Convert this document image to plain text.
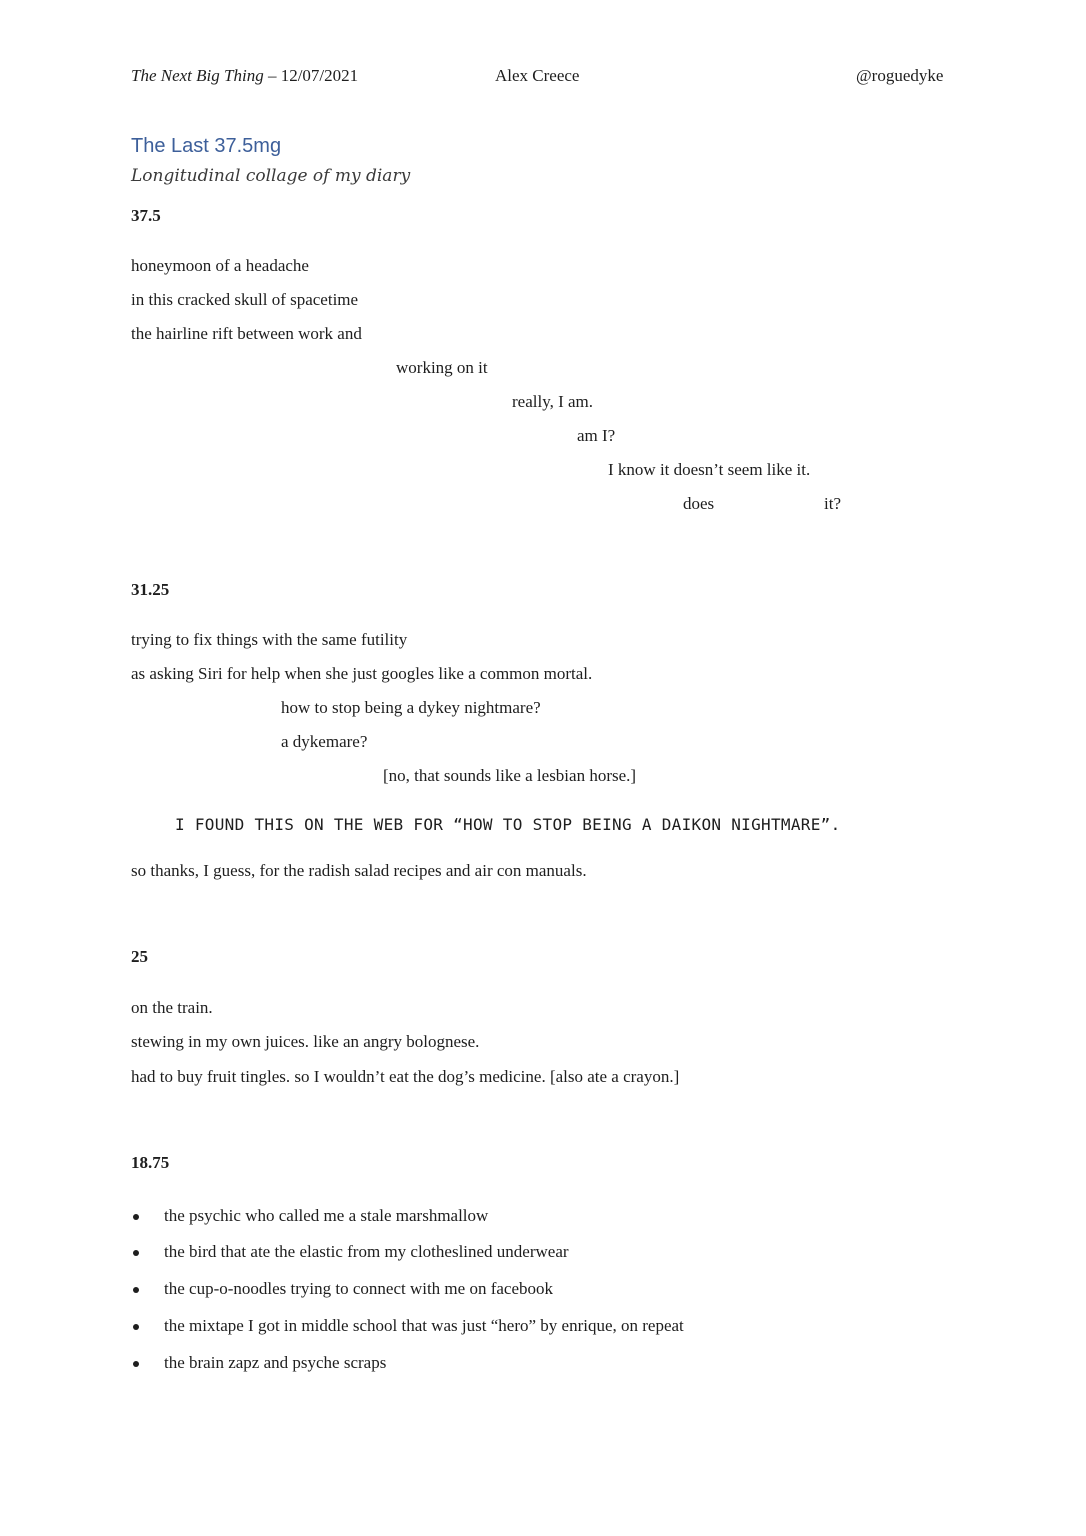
The Next Big Thing – 12/07/2021	Alex Creece	@roguedyke
The Last 37.5mg
Longitudinal collage of my diary
37.5
honeymoon of a headache
in this cracked skull of spacetime
the hairline rift between work and
working on it
really, I am.
am I?
I know it doesn’t seem like it.
does	it?
31.25
trying to fix things with the same futility
as asking Siri for help when she just googles like a common mortal.
how to stop being a dykey nightmare?
a dykemare?
[no, that sounds like a lesbian horse.]
I FOUND THIS ON THE WEB FOR “HOW TO STOP BEING A DAIKON NIGHTMARE”.
so thanks, I guess, for the radish salad recipes and air con manuals.
25
on the train.
stewing in my own juices. like an angry bolognese.
had to buy fruit tingles. so I wouldn’t eat the dog’s medicine. [also ate a crayon.]
18.75
the psychic who called me a stale marshmallow
the bird that ate the elastic from my clotheslined underwear
the cup-o-noodles trying to connect with me on facebook
the mixtape I got in middle school that was just “hero” by enrique, on repeat
the brain zapz and psyche scraps
